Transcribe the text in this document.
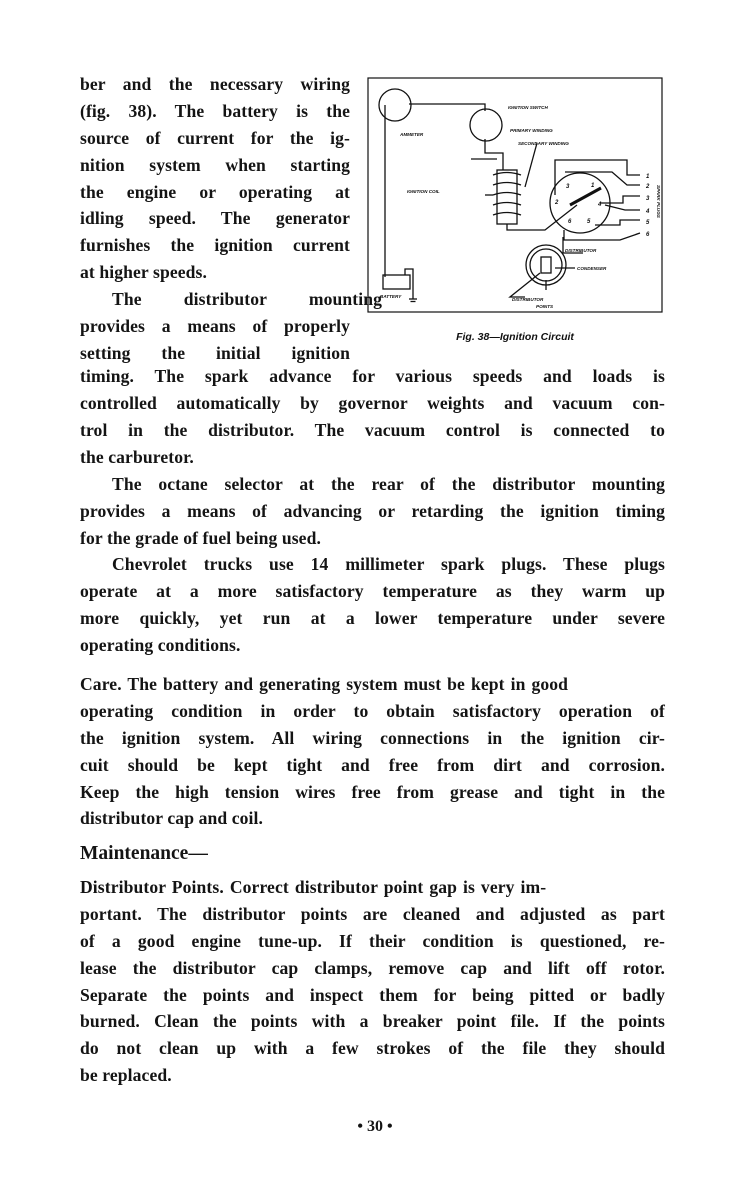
ber and the necessary wiring
(fig. 38). The battery is the
source of current for the ig-
nition system when starting
the engine or operating at
idling speed. The generator
furnishes the ignition current
at higher speeds.
The distributor mounting
provides a means of properly
setting the initial ignition
timing. The spark advance for various speeds and loads is
controlled automatically by governor weights and vacuum con-
trol in the distributor. The vacuum control is connected to
the carburetor.
The octane selector at the rear of the distributor mounting
provides a means of advancing or retarding the ignition timing
for the grade of fuel being used.
Chevrolet trucks use 14 millimeter spark plugs. These plugs
operate at a more satisfactory temperature as they warm up
more quickly, yet run at a lower temperature under severe
operating conditions.
Care. The battery and generating system must be kept in good
operating condition in order to obtain satisfactory operation of
the ignition system. All wiring connections in the ignition cir-
cuit should be kept tight and free from dirt and corrosion.
Keep the high tension wires free from grease and tight in the
distributor cap and coil.
Maintenance—
Distributor Points. Correct distributor point gap is very im-
portant. The distributor points are cleaned and adjusted as part
of a good engine tune-up. If their condition is questioned, re-
lease the distributor cap clamps, remove cap and lift off rotor.
Separate the points and inspect them for being pitted or badly
burned. Clean the points with a breaker point file. If the points
do not clean up with a few strokes of the file they should
be replaced.
• 30 •
AMMETER
IGNITION SWITCH
PRIMARY WINDING
SECONDARY WINDING
IGNITION COIL
DISTRIBUTOR
CONDENSER
BATTERY
DISTRIBUTOR
POINTS
SPARK PLUGS
1
2
3
4
5
6
1
2
3
4
5
6
Fig. 38—Ignition Circuit
